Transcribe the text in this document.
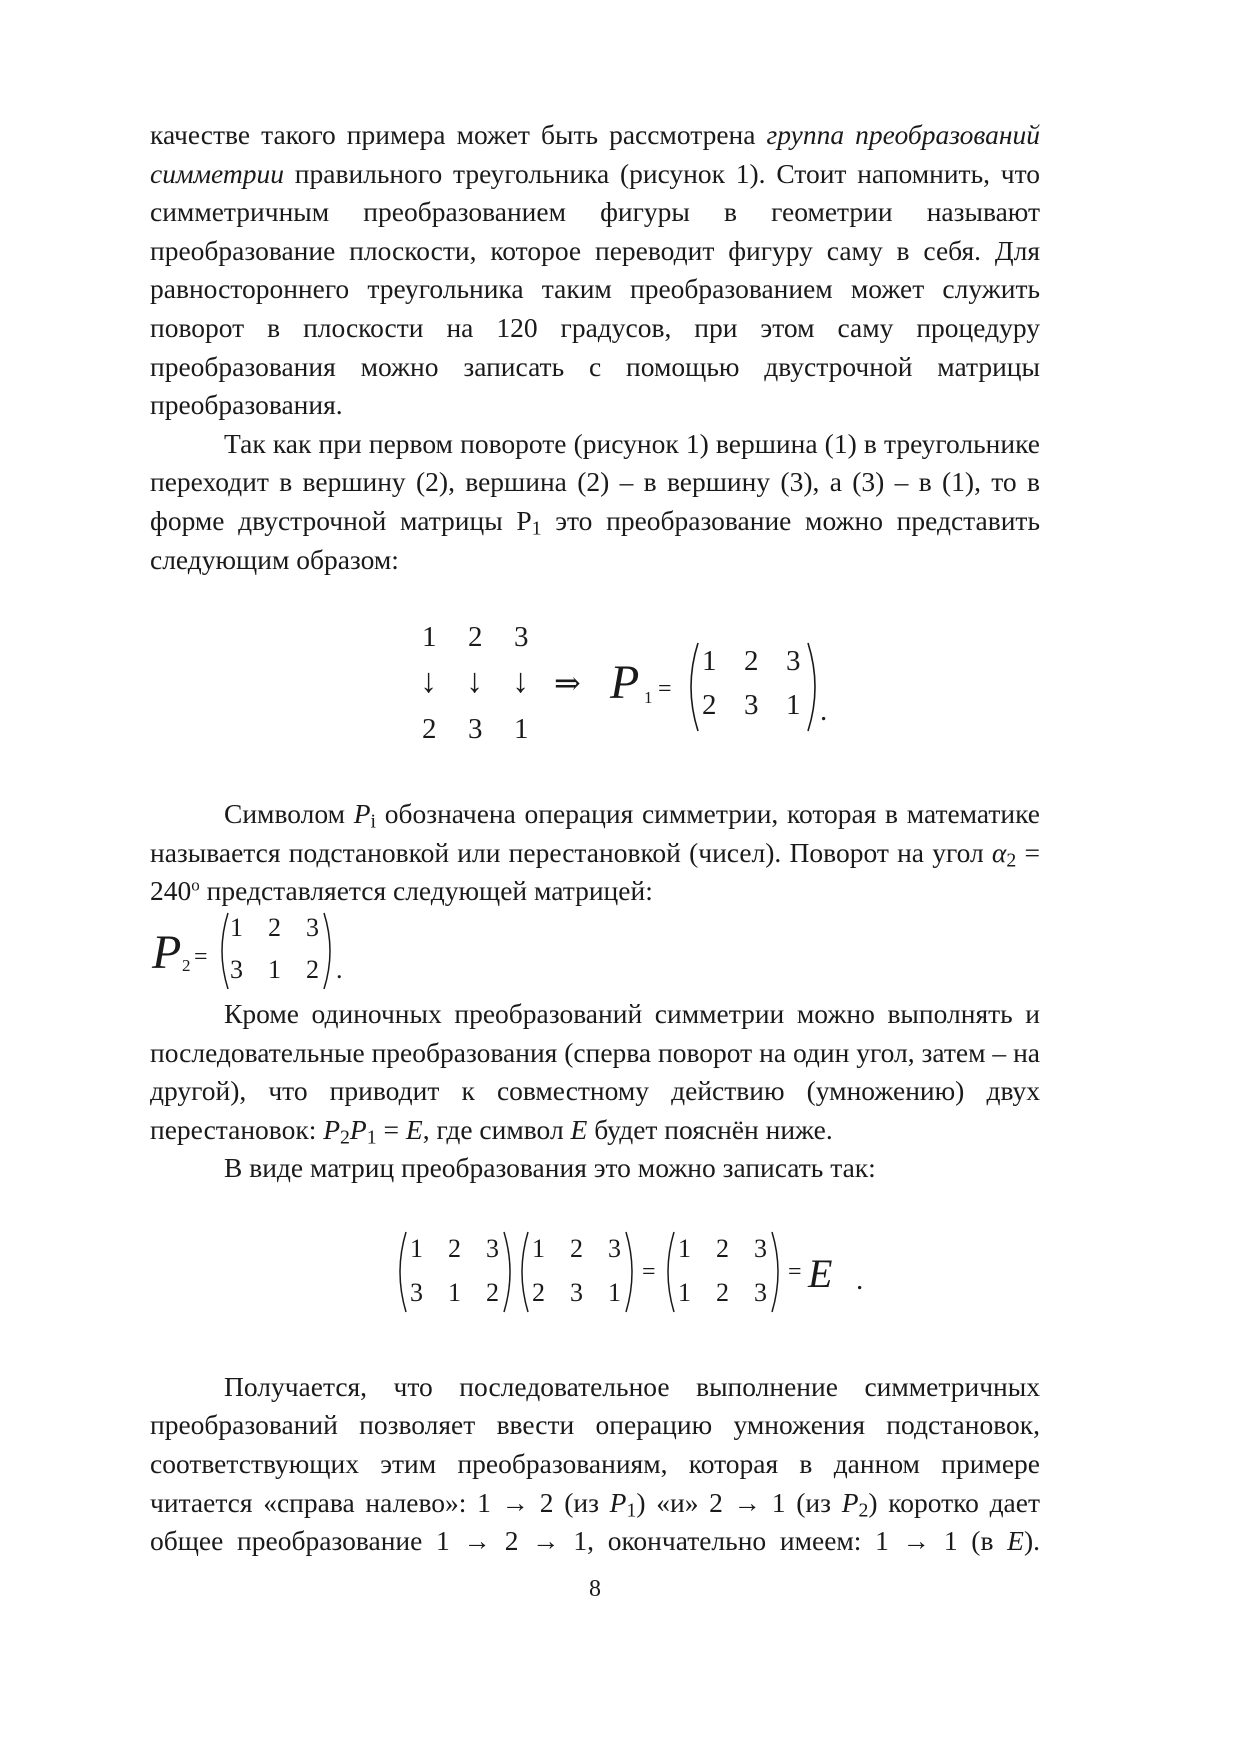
качестве такого примера может быть рассмотрена группа преобразований симметрии правильного треугольника (рисунок 1). Стоит напомнить, что симметричным преобразованием фигуры в геометрии называют преобразование плоскости, которое переводит фигуру саму в себя. Для равностороннего треугольника таким преобразованием может служить поворот в плоскости на 120 градусов, при этом саму процедуру преобразования можно записать с помощью двустрочной матрицы преобразования.

Так как при первом повороте (рисунок 1) вершина (1) в треугольнике переходит в вершину (2), вершина (2) – в вершину (3), а (3) – в (1), то в форме двустрочной матрицы $Р_1$ это преобразование можно представить следующим образом:

1 2 3
↓ ↓ ↓
2 3 1
⇒ P 1 =
1 2 3
2 3 1 .

Символом $P_i$ обозначена операция симметрии, которая в математике называется подстановкой или перестановкой (чисел). Поворот на угол $\alpha_2 = 240^o$ представляется следующей матрицей:

P 2 =
1 2 3
3 1 2 .

Кроме одиночных преобразований симметрии можно выполнять и последовательные преобразования (сперва поворот на один угол, затем – на другой), что приводит к совместному действию (умножению) двух перестановок: $P_2P_1 = E$, где символ E будет пояснён ниже.

В виде матриц преобразования это можно записать так:

1 2 3
3 1 2
1 2 3
2 3 1
=
1 2 3
1 2 3
= E .

Получается, что последовательное выполнение симметричных преобразований позволяет ввести операцию умножения подстановок, соответствующих этим преобразованиям, которая в данном примере читается «справа налево»: 1 → 2 (из $P_1$) «и» 2 → 1 (из $P_2$) коротко дает общее преобразование 1 → 2 → 1, окончательно имеем: 1 → 1 (в E).

8
